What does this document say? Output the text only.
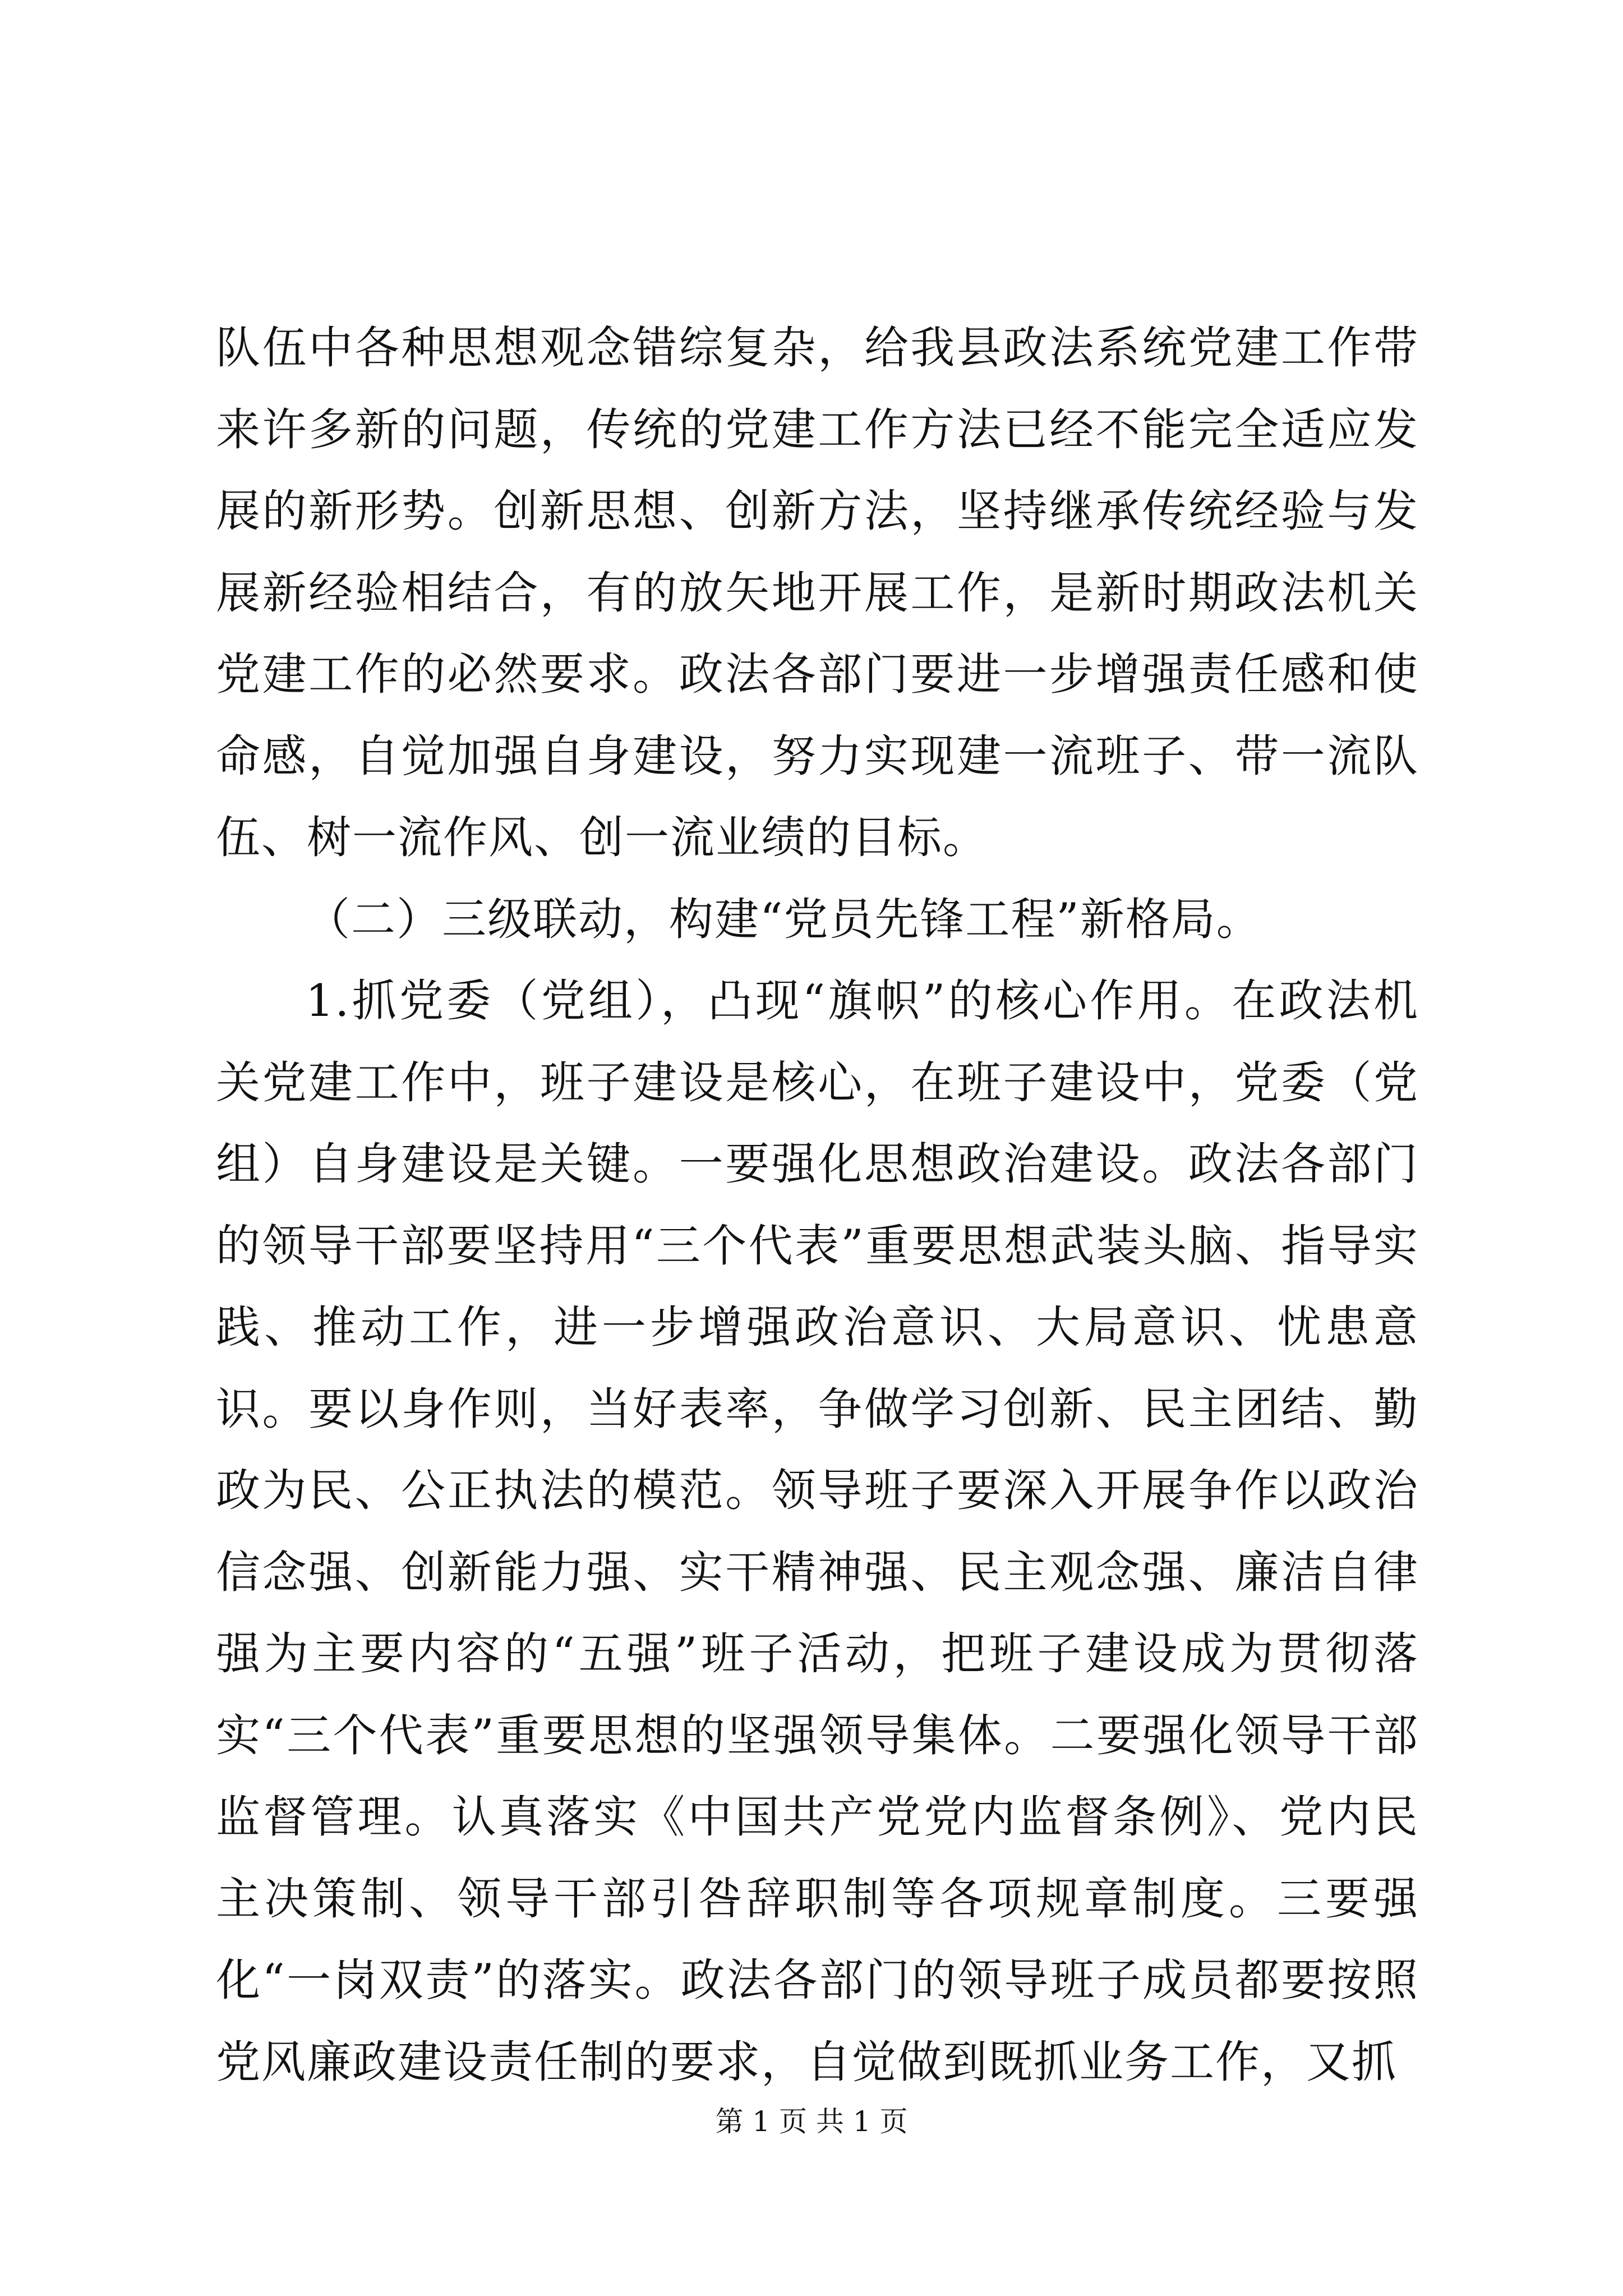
队伍中各种思想观念错综复杂，给我县政法系统党建工作带来许多新的问题，传统的党建工作方法已经不能完全适应发展的新形势。创新思想、创新方法，坚持继承传统经验与发展新经验相结合，有的放矢地开展工作，是新时期政法机关党建工作的必然要求。政法各部门要进一步增强责任感和使命感，自觉加强自身建设，努力实现建一流班子、带一流队伍、树一流作风、创一流业绩的目标。

（二）三级联动，构建“党员先锋工程”新格局。

1.抓党委（党组），凸现“旗帜”的核心作用。在政法机关党建工作中，班子建设是核心，在班子建设中，党委（党组）自身建设是关键。一要强化思想政治建设。政法各部门的领导干部要坚持用“三个代表”重要思想武装头脑、指导实践、推动工作，进一步增强政治意识、大局意识、忧患意识。要以身作则，当好表率，争做学习创新、民主团结、勤政为民、公正执法的模范。领导班子要深入开展争作以政治信念强、创新能力强、实干精神强、民主观念强、廉洁自律强为主要内容的“五强”班子活动，把班子建设成为贯彻落实“三个代表”重要思想的坚强领导集体。二要强化领导干部监督管理。认真落实《中国共产党党内监督条例》、党内民主决策制、领导干部引咎辞职制等各项规章制度。三要强化“一岗双责”的落实。政法各部门的领导班子成员都要按照党风廉政建设责任制的要求，自觉做到既抓业务工作，又抓

第 1 页 共 1 页
